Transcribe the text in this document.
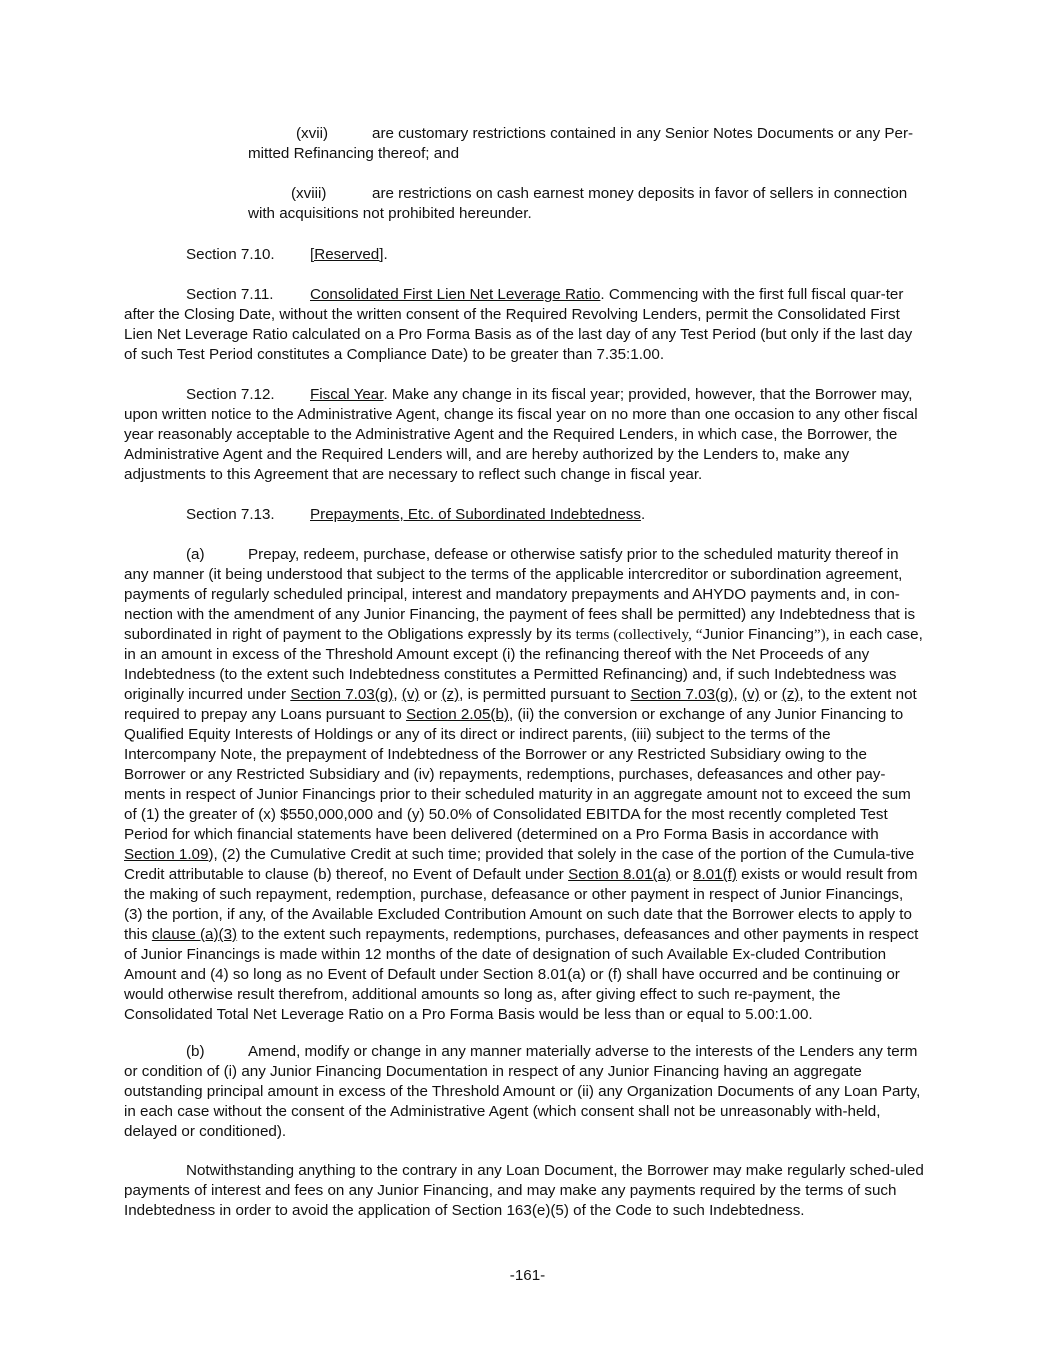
(xvii)	are customary restrictions contained in any Senior Notes Documents or any Per-
mitted Refinancing thereof; and

(xviii)	are restrictions on cash earnest money deposits in favor of sellers in connection
with acquisitions not prohibited hereunder.

Section 7.10. [Reserved].

Section 7.11. Consolidated First Lien Net Leverage Ratio. Commencing with the first full fiscal quar-ter after the Closing Date, without the written consent of the Required Revolving Lenders, permit the Consolidated First Lien Net Leverage Ratio calculated on a Pro Forma Basis as of the last day of any Test Period (but only if the last day of such Test Period constitutes a Compliance Date) to be greater than 7.35:1.00.

Section 7.12. Fiscal Year. Make any change in its fiscal year; provided, however, that the Borrower may, upon written notice to the Administrative Agent, change its fiscal year on no more than one occasion to any other fiscal year reasonably acceptable to the Administrative Agent and the Required Lenders, in which case, the Borrower, the Administrative Agent and the Required Lenders will, and are hereby authorized by the Lenders to, make any adjustments to this Agreement that are necessary to reflect such change in fiscal year.

Section 7.13. Prepayments, Etc. of Subordinated Indebtedness.

(a)	Prepay, redeem, purchase, defease or otherwise satisfy prior to the scheduled maturity thereof in any manner (it being understood that subject to the terms of the applicable intercreditor or subordination agreement, payments of regularly scheduled principal, interest and mandatory prepayments and AHYDO payments and, in con-nection with the amendment of any Junior Financing, the payment of fees shall be permitted) any Indebtedness that is subordinated in right of payment to the Obligations expressly by its terms (collectively, “Junior Financing”), in each case, in an amount in excess of the Threshold Amount except (i) the refinancing thereof with the Net Proceeds of any Indebtedness (to the extent such Indebtedness constitutes a Permitted Refinancing) and, if such Indebtedness was originally incurred under Section 7.03(g), (v) or (z), is permitted pursuant to Section 7.03(g), (v) or (z), to the extent not required to prepay any Loans pursuant to Section 2.05(b), (ii) the conversion or exchange of any Junior Financing to Qualified Equity Interests of Holdings or any of its direct or indirect parents, (iii) subject to the terms of the Intercompany Note, the prepayment of Indebtedness of the Borrower or any Restricted Subsidiary owing to the Borrower or any Restricted Subsidiary and (iv) repayments, redemptions, purchases, defeasances and other pay-ments in respect of Junior Financings prior to their scheduled maturity in an aggregate amount not to exceed the sum of (1) the greater of (x) $550,000,000 and (y) 50.0% of Consolidated EBITDA for the most recently completed Test Period for which financial statements have been delivered (determined on a Pro Forma Basis in accordance with Section 1.09), (2) the Cumulative Credit at such time; provided that solely in the case of the portion of the Cumula-tive Credit attributable to clause (b) thereof, no Event of Default under Section 8.01(a) or 8.01(f) exists or would result from the making of such repayment, redemption, purchase, defeasance or other payment in respect of Junior Financings, (3) the portion, if any, of the Available Excluded Contribution Amount on such date that the Borrower elects to apply to this clause (a)(3) to the extent such repayments, redemptions, purchases, defeasances and other payments in respect of Junior Financings is made within 12 months of the date of designation of such Available Ex-cluded Contribution Amount and (4) so long as no Event of Default under Section 8.01(a) or (f) shall have occurred and be continuing or would otherwise result therefrom, additional amounts so long as, after giving effect to such re-payment, the Consolidated Total Net Leverage Ratio on a Pro Forma Basis would be less than or equal to 5.00:1.00.

(b)	Amend, modify or change in any manner materially adverse to the interests of the Lenders any term or condition of (i) any Junior Financing Documentation in respect of any Junior Financing having an aggregate outstanding principal amount in excess of the Threshold Amount or (ii) any Organization Documents of any Loan Party, in each case without the consent of the Administrative Agent (which consent shall not be unreasonably with-held, delayed or conditioned).

Notwithstanding anything to the contrary in any Loan Document, the Borrower may make regularly sched-uled payments of interest and fees on any Junior Financing, and may make any payments required by the terms of such Indebtedness in order to avoid the application of Section 163(e)(5) of the Code to such Indebtedness.

-161-
